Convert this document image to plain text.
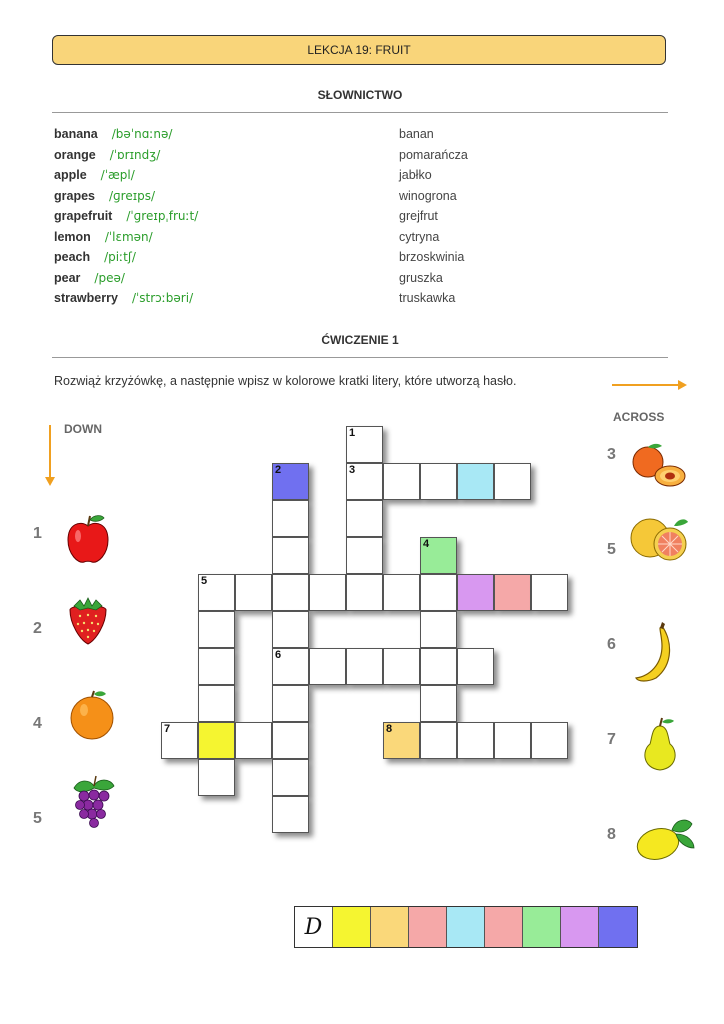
LEKCJA 19: FRUIT
SŁOWNICTWO
banana /bəˈnɑːnə/	banan
orange /ˈɒrɪndʒ/	pomarańcza
apple /ˈæpl/	jabłko
grapes /ɡreɪps/	winogrona
grapefruit /ˈɡreɪpˌfruːt/	grejfrut
lemon /ˈlɛmən/	cytryna
peach /piːtʃ/	brzoskwinia
pear /peə/	gruszka
strawberry /ˈstrɔːbəri/	truskawka
ĆWICZENIE 1
Rozwiąż krzyżówkę, a następnie wpisz w kolorowe kratki litery, które utworzą hasło.
ACROSS
DOWN
1
2
4
5
3
5
6
7
8
1
2	3
4
5
6
7	8
D
